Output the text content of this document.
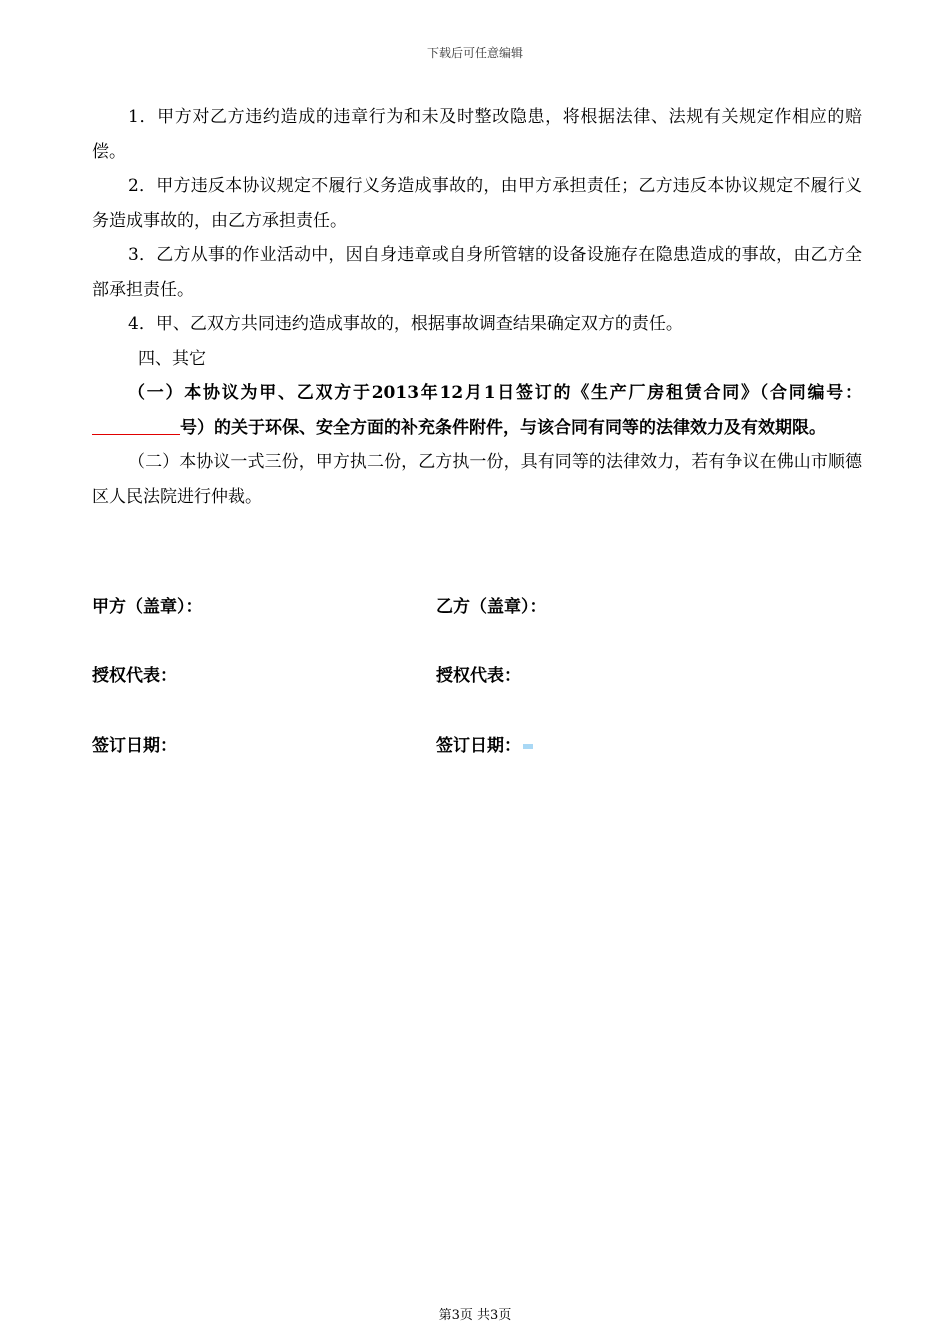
下载后可任意编辑

1．甲方对乙方违约造成的违章行为和未及时整改隐患，将根据法律、法规有关规定作相应的赔偿。

2．甲方违反本协议规定不履行义务造成事故的，由甲方承担责任；乙方违反本协议规定不履行义务造成事故的，由乙方承担责任。

3．乙方从事的作业活动中，因自身违章或自身所管辖的设备设施存在隐患造成的事故，由乙方全部承担责任。

4．甲、乙双方共同违约造成事故的，根据事故调查结果确定双方的责任。

四、其它

（一）本协议为甲、乙双方于2013年12月1日签订的《生产厂房租赁合同》（合同编号：号）的关于环保、安全方面的补充条件附件，与该合同有同等的法律效力及有效期限。

（二）本协议一式三份，甲方执二份，乙方执一份，具有同等的法律效力，若有争议在佛山市顺德区人民法院进行仲裁。

甲方（盖章）：	乙方（盖章）：
授权代表：	授权代表：
签订日期：	签订日期：
第3页 共3页
